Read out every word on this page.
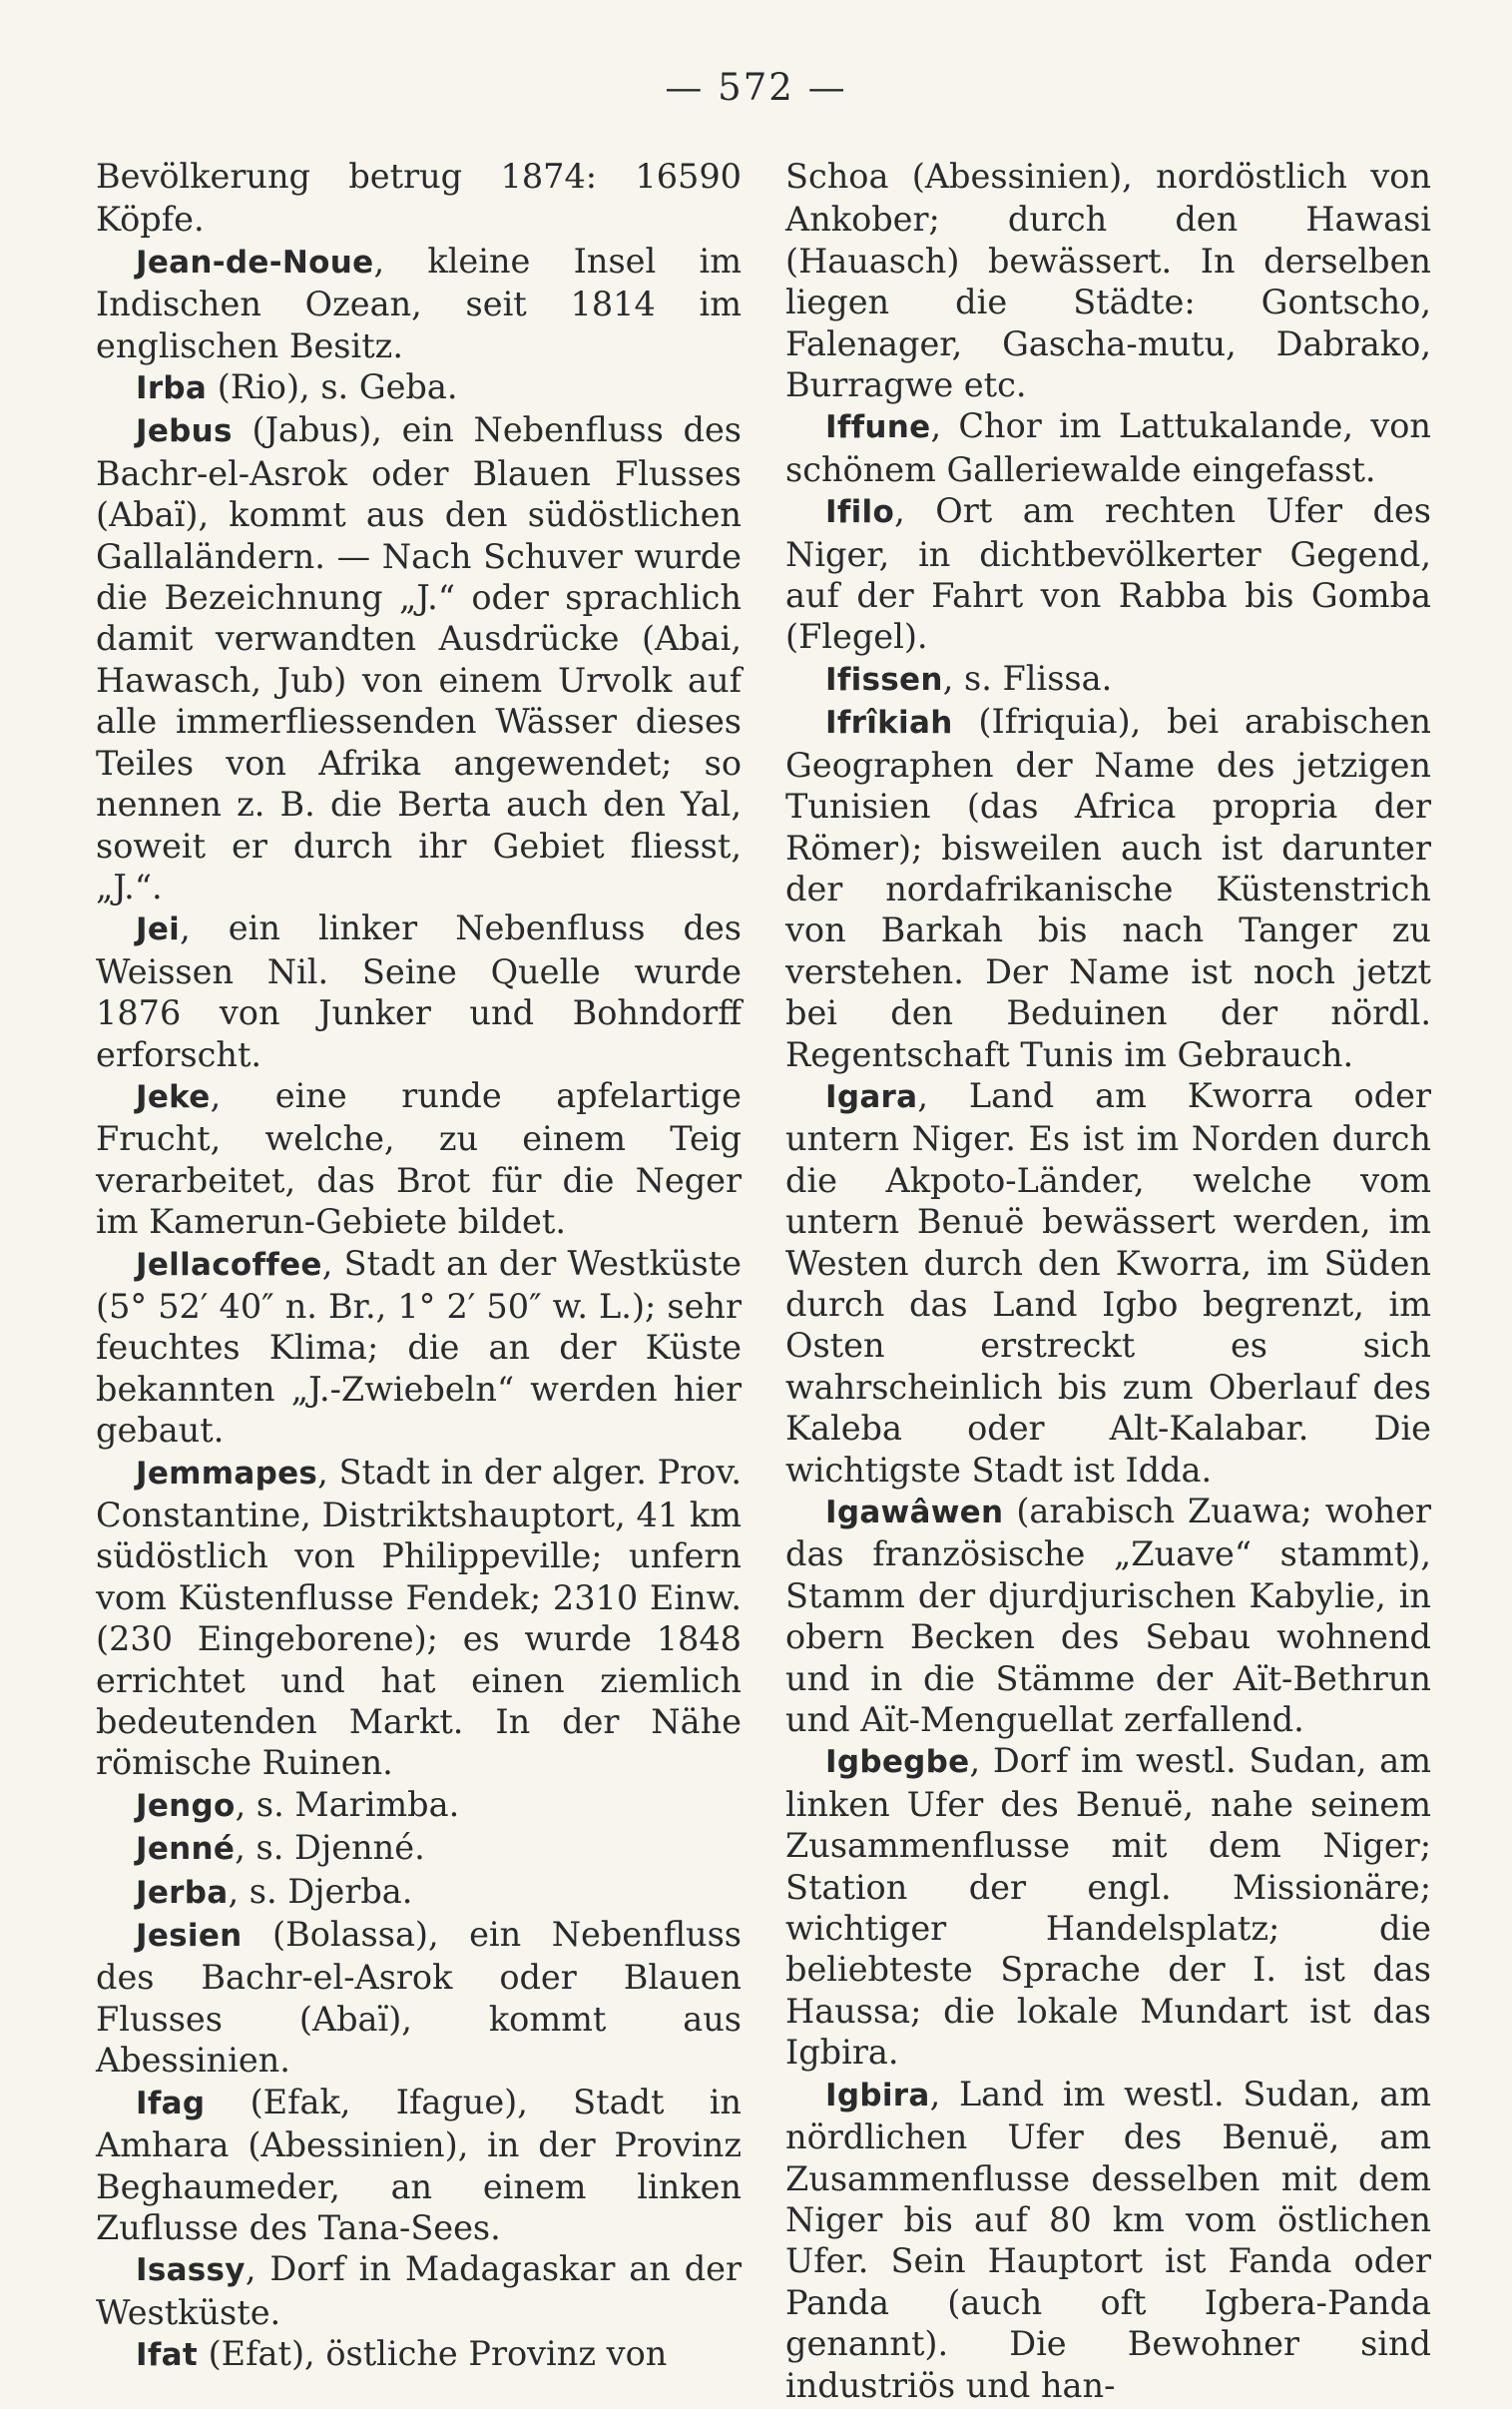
— 572 —

Bevölkerung betrug 1874: 16590 Köpfe.

Jean-de-Noue, kleine Insel im Indischen Ozean, seit 1814 im englischen Besitz.

Irba (Rio), s. Geba.

Jebus (Jabus), ein Nebenfluss des Bachr-el-Asrok oder Blauen Flusses (Abaï), kommt aus den südöstlichen Gallaländern. — Nach Schuver wurde die Bezeichnung „J.“ oder sprachlich damit verwandten Ausdrücke (Abai, Hawasch, Jub) von einem Urvolk auf alle immerfliessenden Wässer dieses Teiles von Afrika angewendet; so nennen z. B. die Berta auch den Yal, soweit er durch ihr Gebiet fliesst, „J.“.

Jei, ein linker Nebenfluss des Weissen Nil. Seine Quelle wurde 1876 von Junker und Bohndorff erforscht.

Jeke, eine runde apfelartige Frucht, welche, zu einem Teig verarbeitet, das Brot für die Neger im Kamerun-Gebiete bildet.

Jellacoffee, Stadt an der Westküste (5° 52′ 40″ n. Br., 1° 2′ 50″ w. L.); sehr feuchtes Klima; die an der Küste bekannten „J.-Zwiebeln“ werden hier gebaut.

Jemmapes, Stadt in der alger. Prov. Constantine, Distriktshauptort, 41 km südöstlich von Philippeville; unfern vom Küstenflusse Fendek; 2310 Einw. (230 Eingeborene); es wurde 1848 errichtet und hat einen ziemlich bedeutenden Markt. In der Nähe römische Ruinen.

Jengo, s. Marimba.

Jenné, s. Djenné.

Jerba, s. Djerba.

Jesien (Bolassa), ein Nebenfluss des Bachr-el-Asrok oder Blauen Flusses (Abaï), kommt aus Abessinien.

Ifag (Efak, Ifague), Stadt in Amhara (Abessinien), in der Provinz Beghaumeder, an einem linken Zuflusse des Tana-Sees.

Isassy, Dorf in Madagaskar an der Westküste.

Ifat (Efat), östliche Provinz von

Schoa (Abessinien), nordöstlich von Ankober; durch den Hawasi (Hauasch) bewässert. In derselben liegen die Städte: Gontscho, Falenager, Gascha-mutu, Dabrako, Burragwe etc.

Iffune, Chor im Lattukalande, von schönem Galleriewalde eingefasst.

Ifilo, Ort am rechten Ufer des Niger, in dichtbevölkerter Gegend, auf der Fahrt von Rabba bis Gomba (Flegel).

Ifissen, s. Flissa.

Ifrîkiah (Ifriquia), bei arabischen Geographen der Name des jetzigen Tunisien (das Africa propria der Römer); bisweilen auch ist darunter der nordafrikanische Küstenstrich von Barkah bis nach Tanger zu verstehen. Der Name ist noch jetzt bei den Beduinen der nördl. Regentschaft Tunis im Gebrauch.

Igara, Land am Kworra oder untern Niger. Es ist im Norden durch die Akpoto-Länder, welche vom untern Benuë bewässert werden, im Westen durch den Kworra, im Süden durch das Land Igbo begrenzt, im Osten erstreckt es sich wahrscheinlich bis zum Oberlauf des Kaleba oder Alt-Kalabar. Die wichtigste Stadt ist Idda.

Igawâwen (arabisch Zuawa; woher das französische „Zuave“ stammt), Stamm der djurdjurischen Kabylie, in obern Becken des Sebau wohnend und in die Stämme der Aït-Bethrun und Aït-Menguellat zerfallend.

Igbegbe, Dorf im westl. Sudan, am linken Ufer des Benuë, nahe seinem Zusammenflusse mit dem Niger; Station der engl. Missionäre; wichtiger Handelsplatz; die beliebteste Sprache der I. ist das Haussa; die lokale Mundart ist das Igbira.

Igbira, Land im westl. Sudan, am nördlichen Ufer des Benuë, am Zusammenflusse desselben mit dem Niger bis auf 80 km vom östlichen Ufer. Sein Hauptort ist Fanda oder Panda (auch oft Igbera-Panda genannt). Die Bewohner sind industriös und han-
